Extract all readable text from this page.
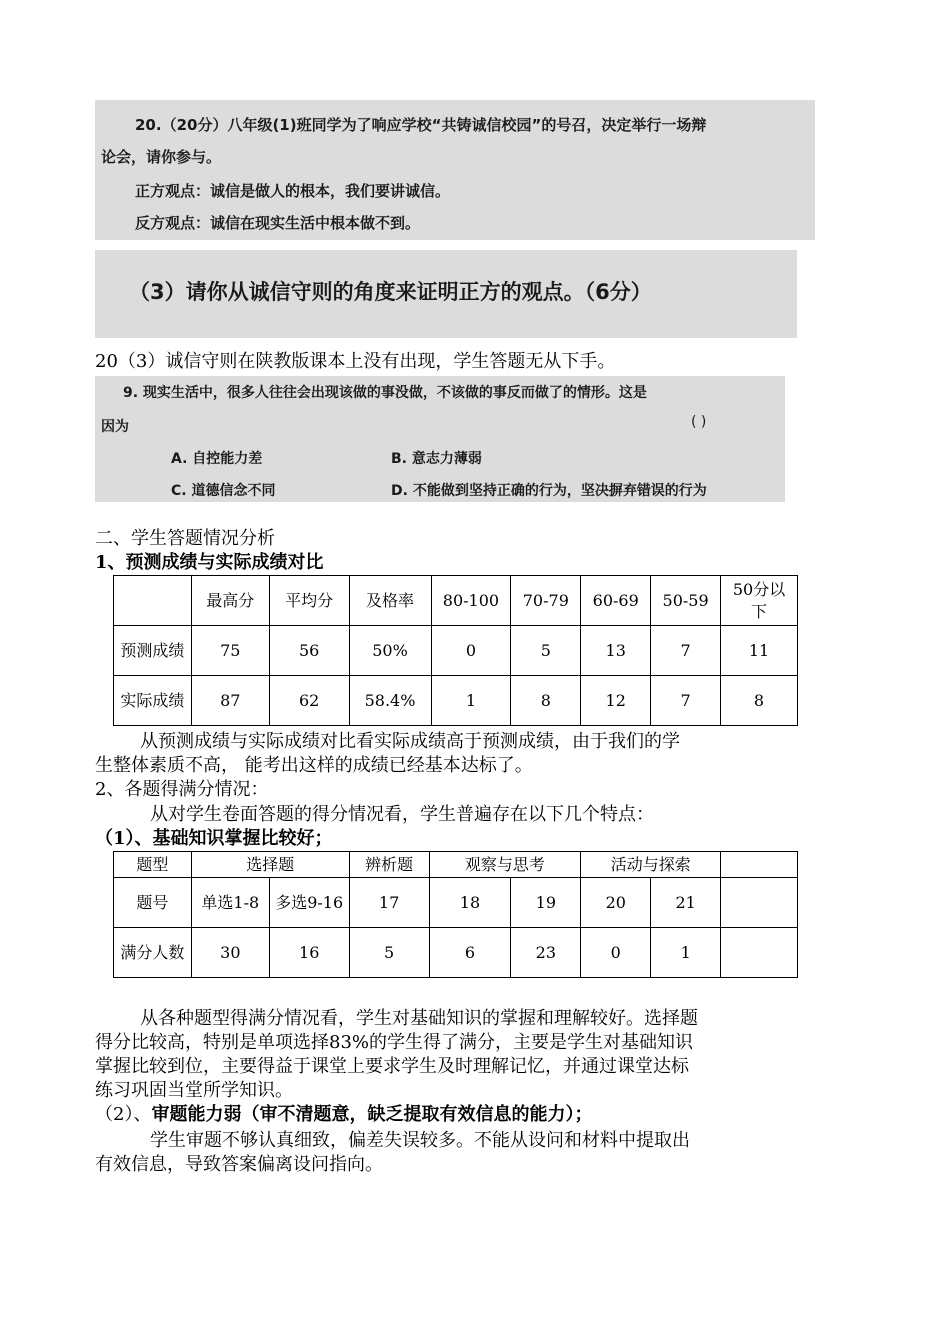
20.（20分）八年级(1)班同学为了响应学校“共铸诚信校园”的号召，决定举行一场辩
论会，请你参与。
正方观点：诚信是做人的根本，我们要讲诚信。
反方观点：诚信在现实生活中根本做不到。
（3）请你从诚信守则的角度来证明正方的观点。（6分）
20（3）诚信守则在陕教版课本上没有出现，学生答题无从下手。
9. 现实生活中，很多人往往会出现该做的事没做，不该做的事反而做了的情形。这是
因为	( )
A. 自控能力差	B. 意志力薄弱
C. 道德信念不同	D. 不能做到坚持正确的行为，坚决摒弃错误的行为
二、学生答题情况分析
1、预测成绩与实际成绩对比
	最高分	平均分	及格率	80-100	70-79	60-69	50-59	50分以下
预测成绩	75	56	50%	0	5	13	7	11
实际成绩	87	62	58.4%	1	8	12	7	8
从预测成绩与实际成绩对比看实际成绩高于预测成绩，由于我们的学
生整体素质不高， 能考出这样的成绩已经基本达标了。
2、各题得满分情况：
从对学生卷面答题的得分情况看，学生普遍存在以下几个特点：
（1）、基础知识掌握比较好；
题型	选择题		辨析题	观察与思考		活动与探索		
题号	单选1-8	多选9-16	17	18	19	20	21	
满分人数	30	16	5	6	23	0	1	
从各种题型得满分情况看，学生对基础知识的掌握和理解较好。选择题
得分比较高，特别是单项选择83%的学生得了满分，主要是学生对基础知识
掌握比较到位，主要得益于课堂上要求学生及时理解记忆，并通过课堂达标
练习巩固当堂所学知识。
（2）、审题能力弱（审不清题意，缺乏提取有效信息的能力）；
学生审题不够认真细致，偏差失误较多。不能从设问和材料中提取出
有效信息，导致答案偏离设问指向。
